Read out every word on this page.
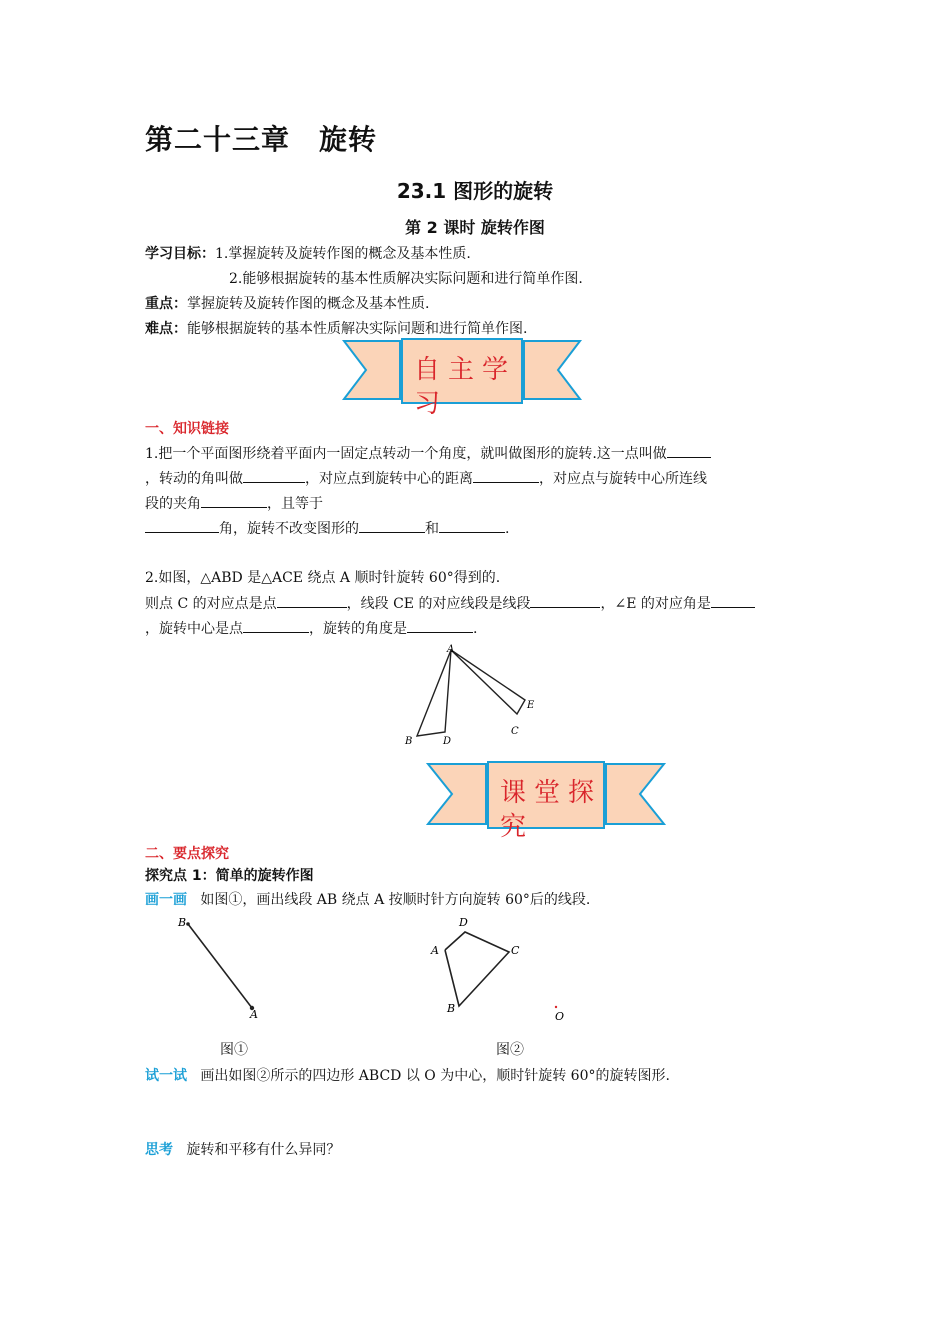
第二十三章　旋转
23.1 图形的旋转
第 2 课时 旋转作图
学习目标：1.掌握旋转及旋转作图的概念及基本性质.
2.能够根据旋转的基本性质解决实际问题和进行简单作图.
重点：掌握旋转及旋转作图的概念及基本性质.
难点：能够根据旋转的基本性质解决实际问题和进行简单作图.
自主学习
一、知识链接
1.把一个平面图形绕着平面内一固定点转动一个角度，就叫做图形的旋转.这一点叫做
，转动的角叫做	，对应点到旋转中心的距离	，对应点与旋转中心所连线
段的夹角	，且等于
角，旋转不改变图形的	和	.
2.如图，△ABD 是△ACE 绕点 A 顺时针旋转 60°得到的.
则点 C 的对应点是点	，线段 CE 的对应线段是线段	，∠E 的对应角是
，旋转中心是点	，旋转的角度是	.
A
B	D
C
E
课堂探究
二、要点探究
探究点 1：简单的旋转作图
画一画 如图①，画出线段 AB 绕点 A 按顺时针方向旋转 60°后的线段.
B
A
图①
D
A	C
B
O
图②
试一试 画出如图②所示的四边形 ABCD 以 O 为中心，顺时针旋转 60°的旋转图形.
思考 旋转和平移有什么异同？
